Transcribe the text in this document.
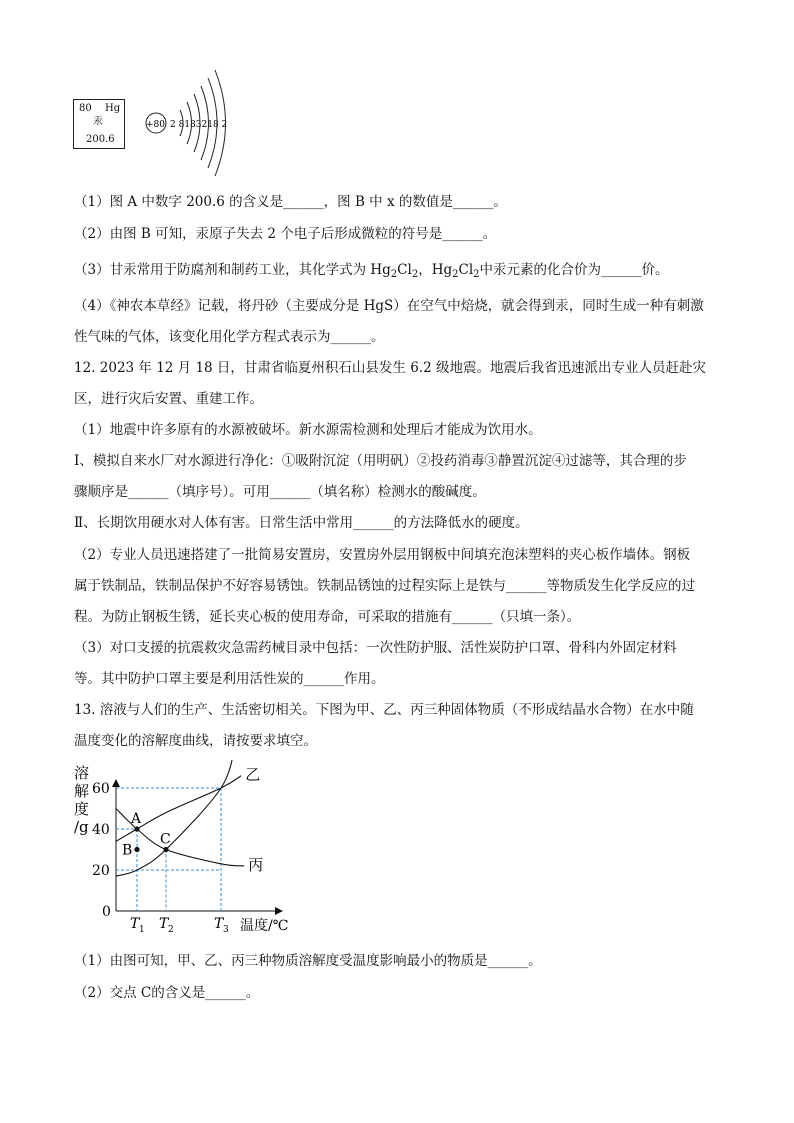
80 Hg
汞
200.6
+80 2 8183218 2
（1）图 A 中数字 200.6 的含义是______，图 B 中 x 的数值是______。
（2）由图 B 可知，汞原子失去 2 个电子后形成微粒的符号是______。
（3）甘汞常用于防腐剂和制药工业，其化学式为 $Hg_2Cl_2$，$Hg_2Cl_2$中汞元素的化合价为______价。
（4）《神农本草经》记载，将丹砂（主要成分是 HgS）在空气中焙烧，就会得到汞，同时生成一种有刺激
性气味的气体，该变化用化学方程式表示为______。
12. 2023 年 12 月 18 日，甘肃省临夏州积石山县发生 6.2 级地震。地震后我省迅速派出专业人员赶赴灾
区，进行灾后安置、重建工作。
（1）地震中许多原有的水源被破坏。新水源需检测和处理后才能成为饮用水。
Ⅰ、模拟自来水厂对水源进行净化：①吸附沉淀（用明矾）②投药消毒③静置沉淀④过滤等，其合理的步
骤顺序是______（填序号）。可用______（填名称）检测水的酸碱度。
Ⅱ、长期饮用硬水对人体有害。日常生活中常用______的方法降低水的硬度。
（2）专业人员迅速搭建了一批简易安置房，安置房外层用钢板中间填充泡沫塑料的夹心板作墙体。钢板
属于铁制品，铁制品保护不好容易锈蚀。铁制品锈蚀的过程实际上是铁与______等物质发生化学反应的过
程。为防止钢板生锈，延长夹心板的使用寿命，可采取的措施有______（只填一条）。
（3）对口支援的抗震救灾急需药械目录中包括：一次性防护服、活性炭防护口罩、骨科内外固定材料
等。其中防护口罩主要是利用活性炭的______作用。
13. 溶液与人们的生产、生活密切相关。下图为甲、乙、丙三种固体物质（不形成结晶水合物）在水中随
温度变化的溶解度曲线，请按要求填空。
溶
解
度
/g
0
温度/℃
20
40
60
T 1 T 2	T 3
乙
丙
A
B
C
（1）由图可知，甲、乙、丙三种物质溶解度受温度影响最小的物质是______。
（2）交点 C的含义是______。
